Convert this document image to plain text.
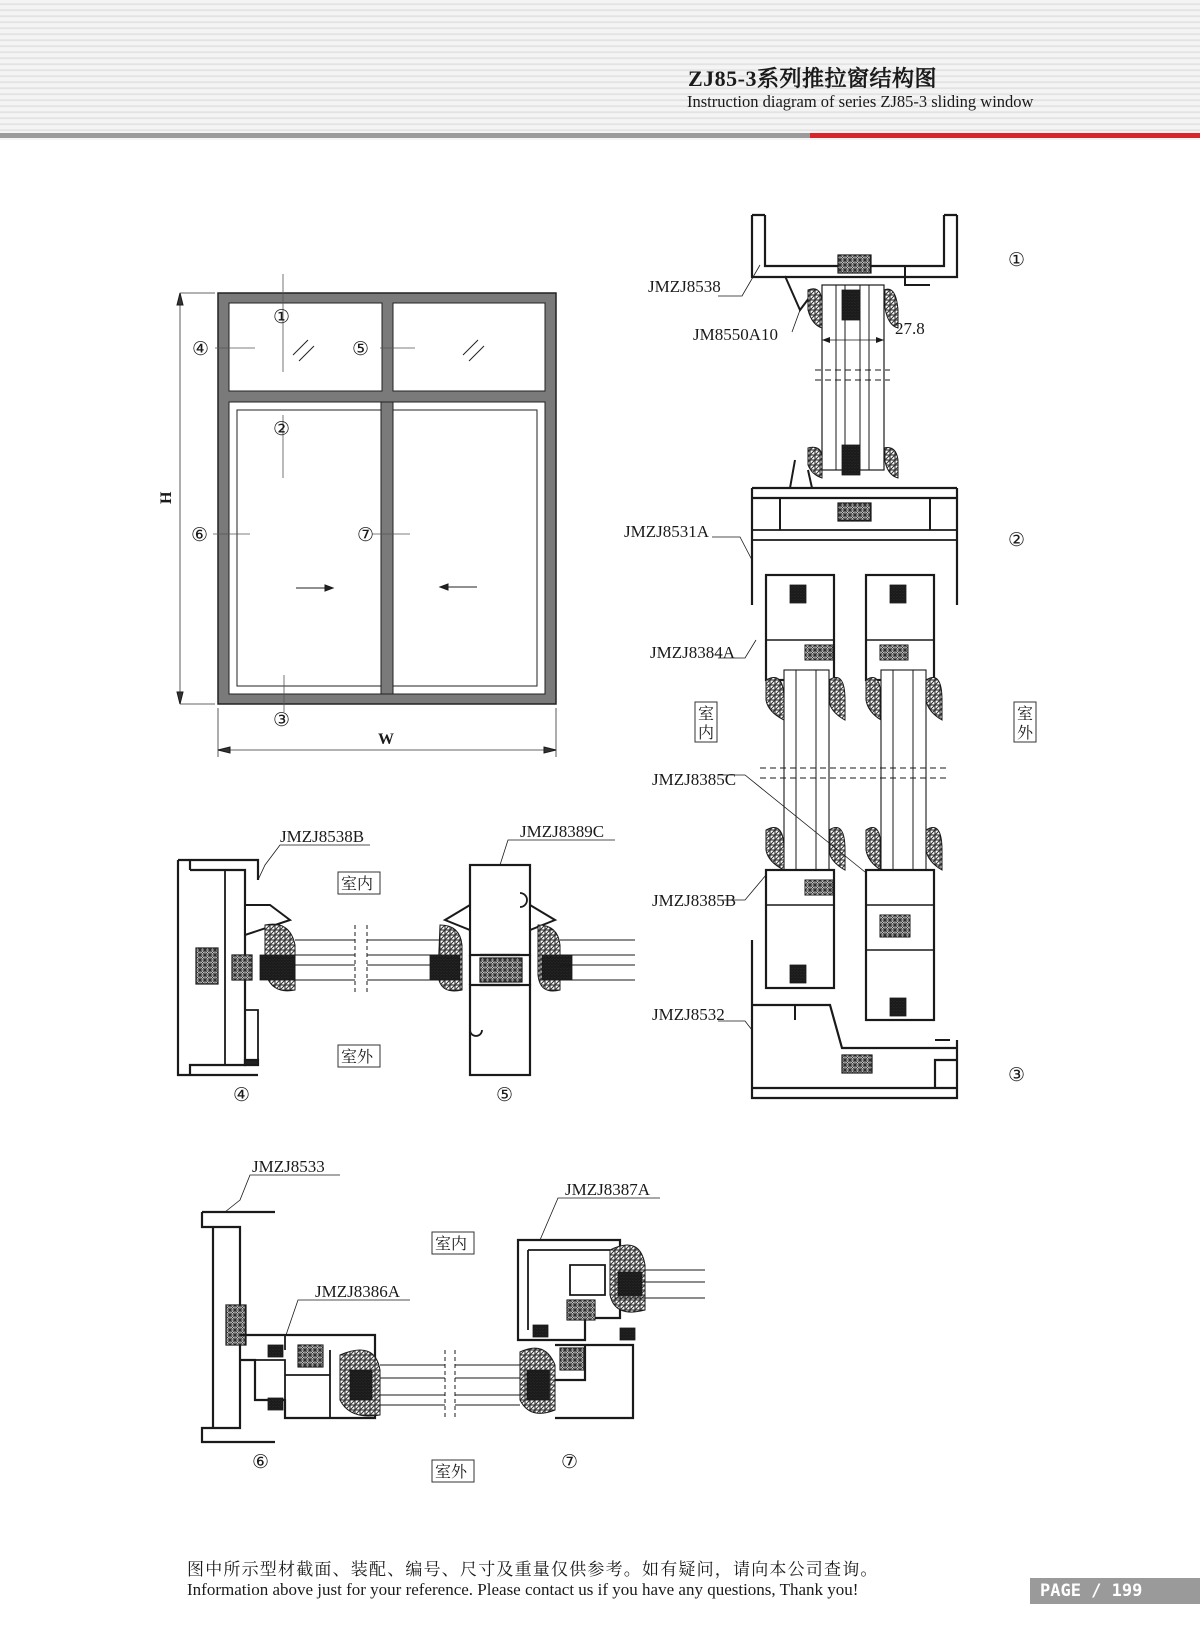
ZJ85-3系列推拉窗结构图
Instruction diagram of series ZJ85-3 sliding window
H
W
①
②
③
④	⑤
⑥	⑦
JMZJ8538
JM8550A10	27.8
JMZJ8531A
JMZJ8384A
JMZJ8385C
JMZJ8385B
JMZJ8532
①
②
③
室内
室外
JMZJ8538B	JMZJ8389C
室内
室外
④	⑤
JMZJ8533
JMZJ8386A
JMZJ8387A
室内
室外
⑥	⑦
图中所示型材截面、装配、编号、尺寸及重量仅供参考。如有疑问，请向本公司查询。
Information above just for your reference. Please contact us if you have any questions, Thank you!	PAGE / 199
